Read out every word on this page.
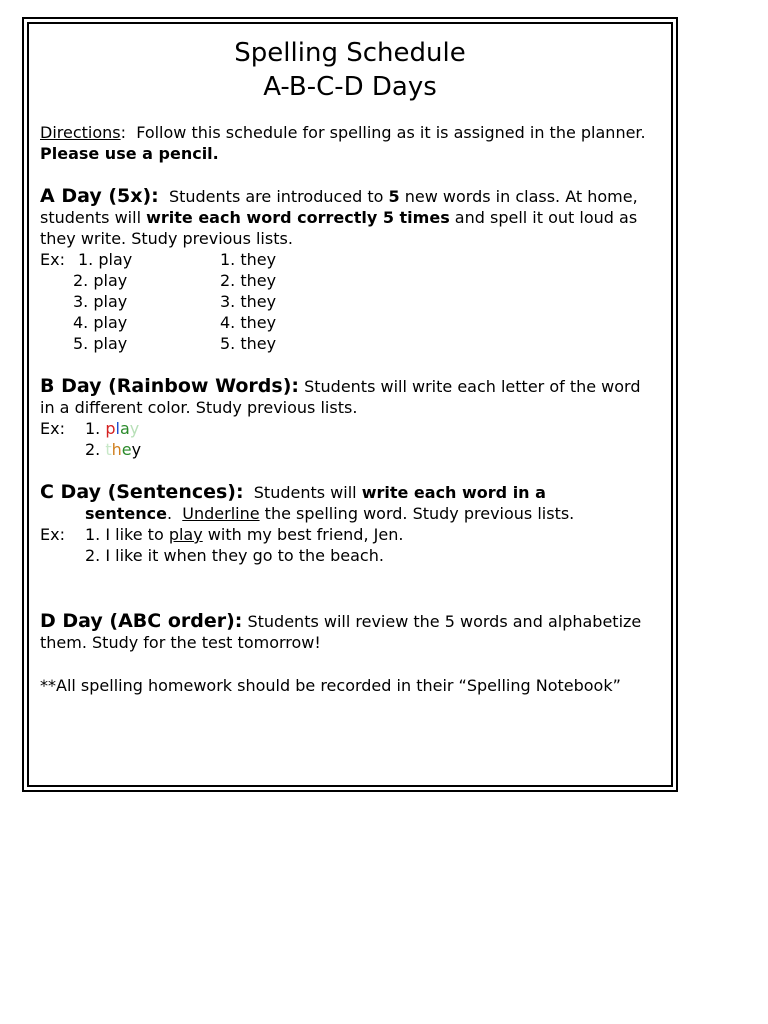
Spelling Schedule
A-B-C-D Days
Directions:  Follow this schedule for spelling as it is assigned in the planner.  Please use a pencil.
A Day (5x):  Students are introduced to 5 new words in class. At home, students will write each word correctly 5 times and spell it out loud as they write. Study previous lists.
Ex: 1. play	1. they
2. play	2. they
3. play	3. they
4. play	4. they
5. play	5. they
B Day (Rainbow Words): Students will write each letter of the word in a different color. Study previous lists.
Ex:	1. play
2. they
C Day (Sentences):  Students will write each word in a
sentence.  Underline the spelling word. Study previous lists.
Ex:	1. I like to play with my best friend, Jen.
2. I like it when they go to the beach.
D Day (ABC order): Students will review the 5 words and alphabetize them. Study for the test tomorrow!
**All spelling homework should be recorded in their “Spelling Notebook”
